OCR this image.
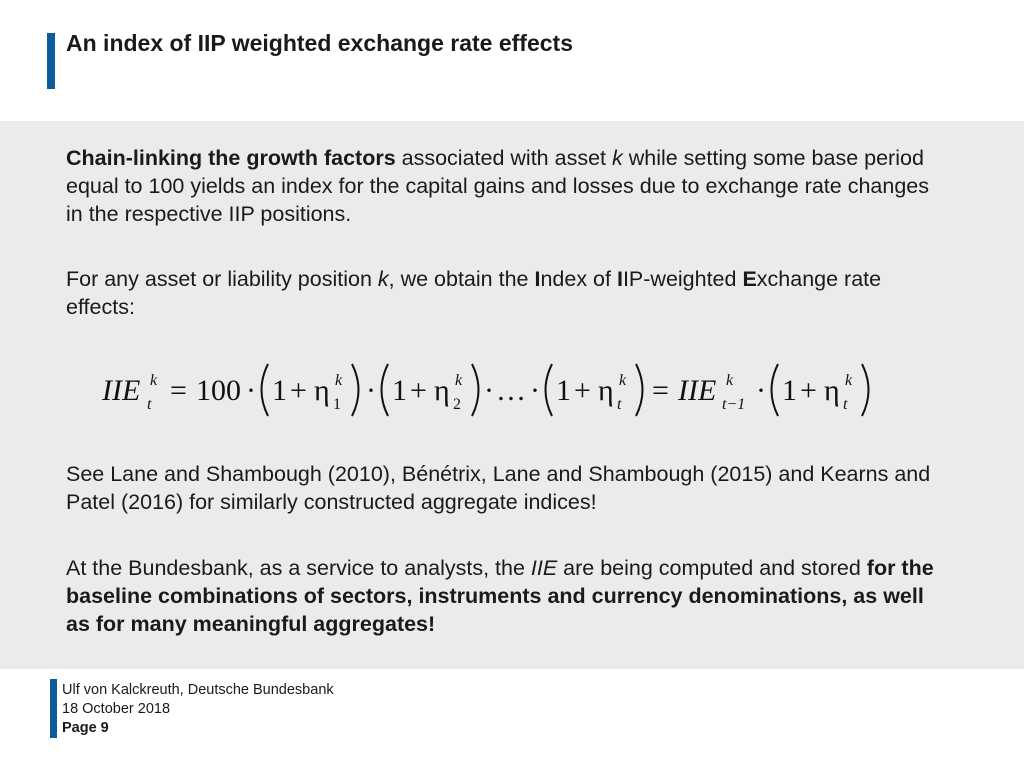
An index of IIP weighted exchange rate effects

Chain-linking the growth factors associated with asset k while setting some base period equal to 100 yields an index for the capital gains and losses due to exchange rate changes in the respective IIP positions.

For any asset or liability position k, we obtain the Index of IIP-weighted Exchange rate effects:

IIE k
t = 100 · 1 + η k
1 · 1 + η k
2 · … · 1 + η k
t = IIE k
t−1 · 1 + η k
t

See Lane and Shambough (2010), Bénétrix, Lane and Shambough (2015) and Kearns and Patel (2016) for similarly constructed aggregate indices!

At the Bundesbank, as a service to analysts, the IIE are being computed and stored for the baseline combinations of sectors, instruments and currency denominations, as well as for many meaningful aggregates!

Ulf von Kalckreuth, Deutsche Bundesbank
18 October 2018
Page 9
